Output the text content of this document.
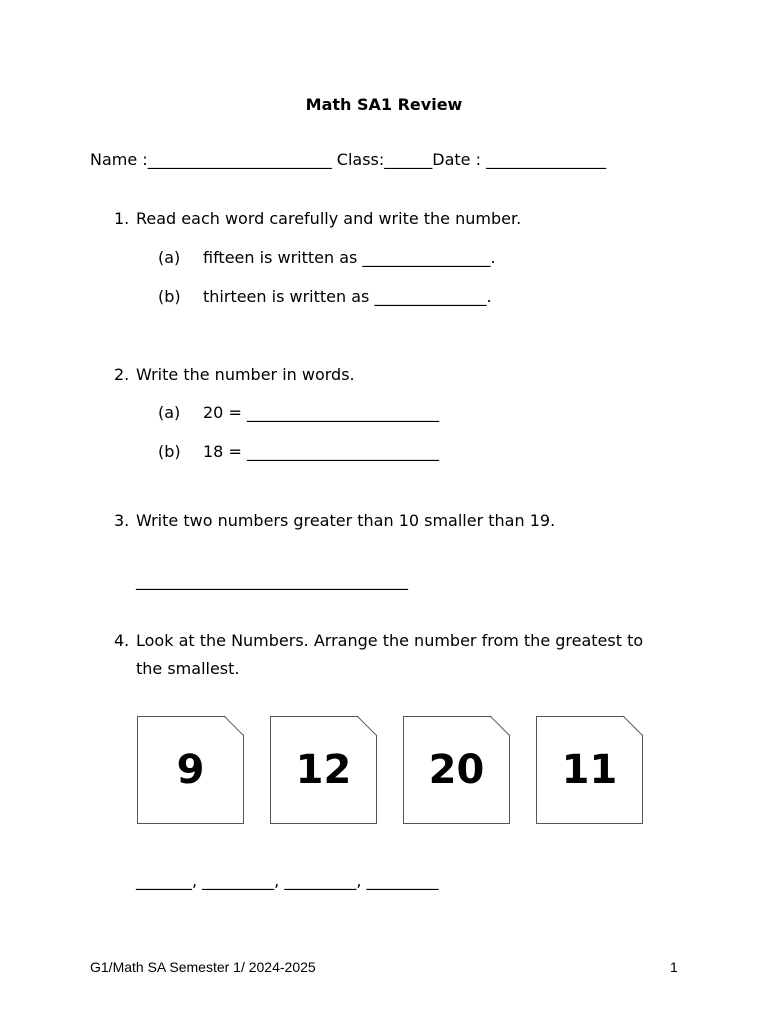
Math SA1 Review
Name :_______________________ Class:______Date : _______________
1. Read each word carefully and write the number.
(a) fifteen is written as ________________.
(b) thirteen is written as ______________.
2. Write the number in words.
(a) 20 = ________________________
(b) 18 = ________________________
3. Write two numbers greater than 10 smaller than 19.
__________________________________
4. Look at the Numbers. Arrange the number from the greatest to
the smallest.
9	12	20	11
_______, _________, _________, _________
G1/Math SA Semester 1/ 2024-2025	1
